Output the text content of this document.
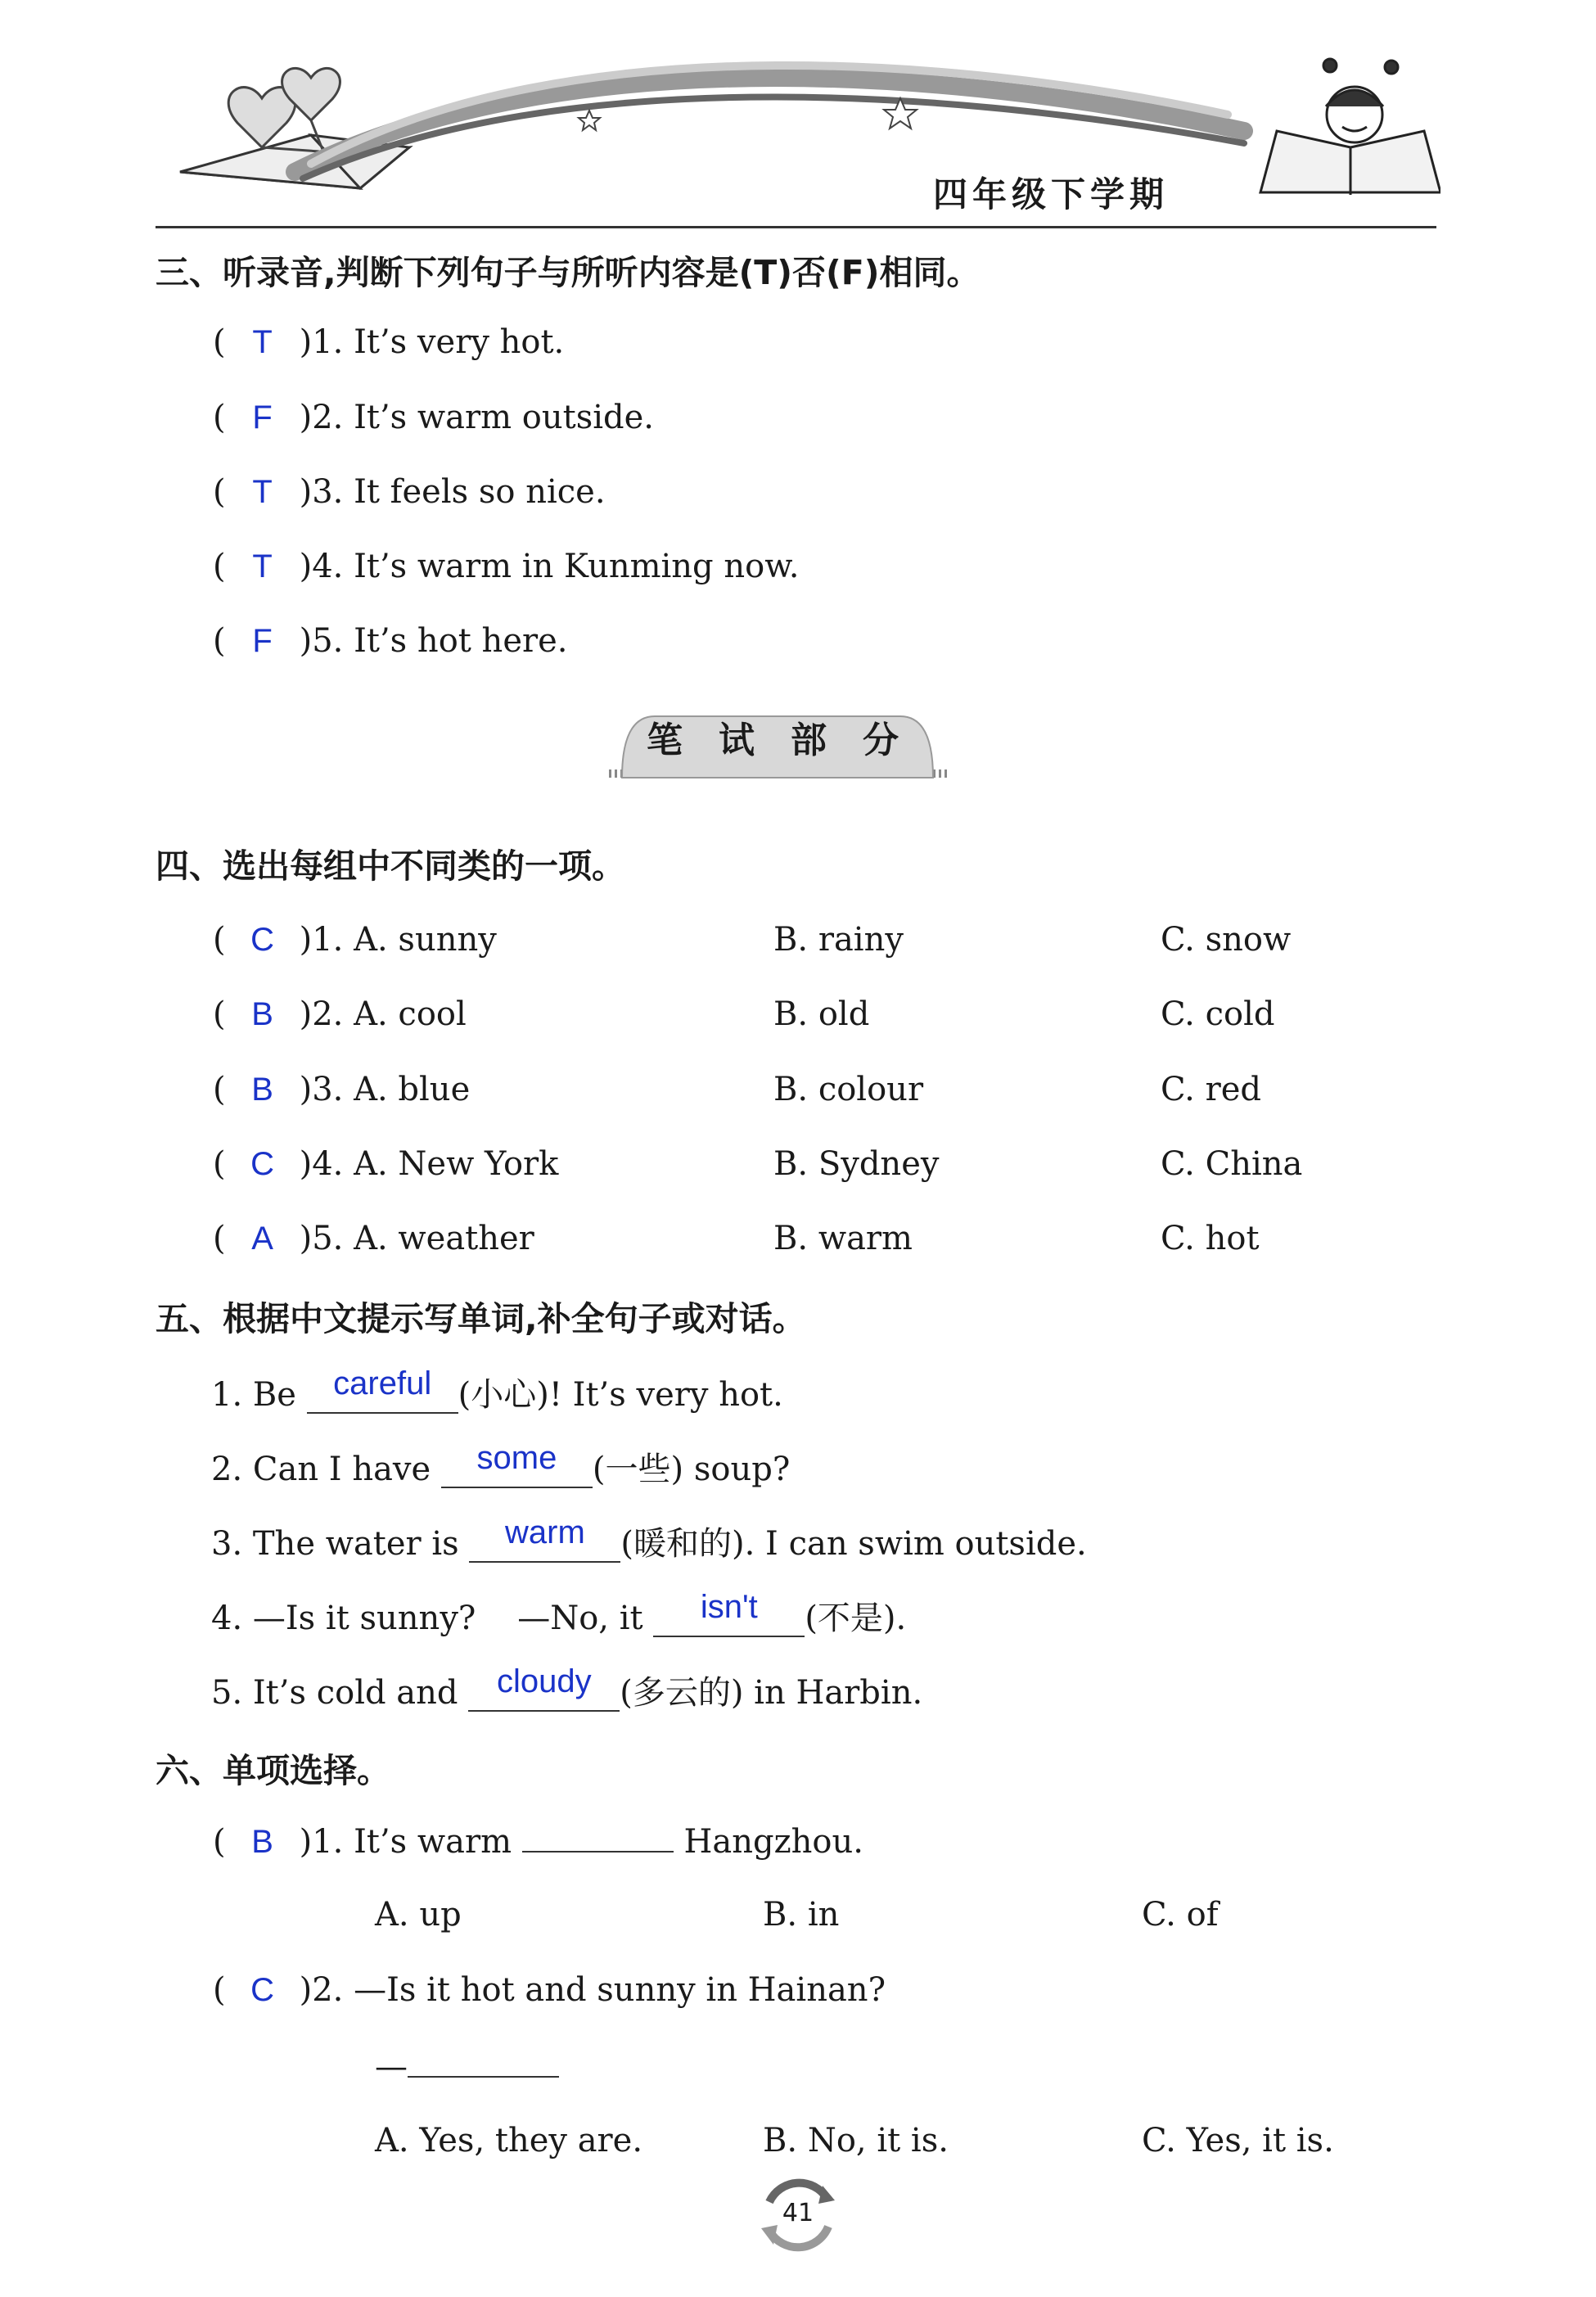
四年级下学期
三、听录音,判断下列句子与所听内容是(T)否(F)相同。
( T )1. It’s very hot.
( F )2. It’s warm outside.
( T )3. It feels so nice.
( T )4. It’s warm in Kunming now.
( F )5. It’s hot here.
笔试部分
四、选出每组中不同类的一项。
( C )1. A. sunny	B. rainy	C. snow
( B )2. A. cool	B. old	C. cold
( B )3. A. blue	B. colour	C. red
( C )4. A. New York	B. Sydney	C. China
( A )5. A. weather	B. warm	C. hot
五、根据中文提示写单词,补全句子或对话。
1. Be careful (小心)! It’s very hot.
2. Can I have some (一些) soup?
3. The water is warm (暖和的). I can swim outside.
4. —Is it sunny?    —No, it isn't (不是).
5. It’s cold and cloudy (多云的) in Harbin.
六、单项选择。
( B )1. It’s warm	Hangzhou.
A. up	B. in	C. of
( C )2. —Is it hot and sunny in Hainan?
—
A. Yes, they are.	B. No, it is.	C. Yes, it is.
41
